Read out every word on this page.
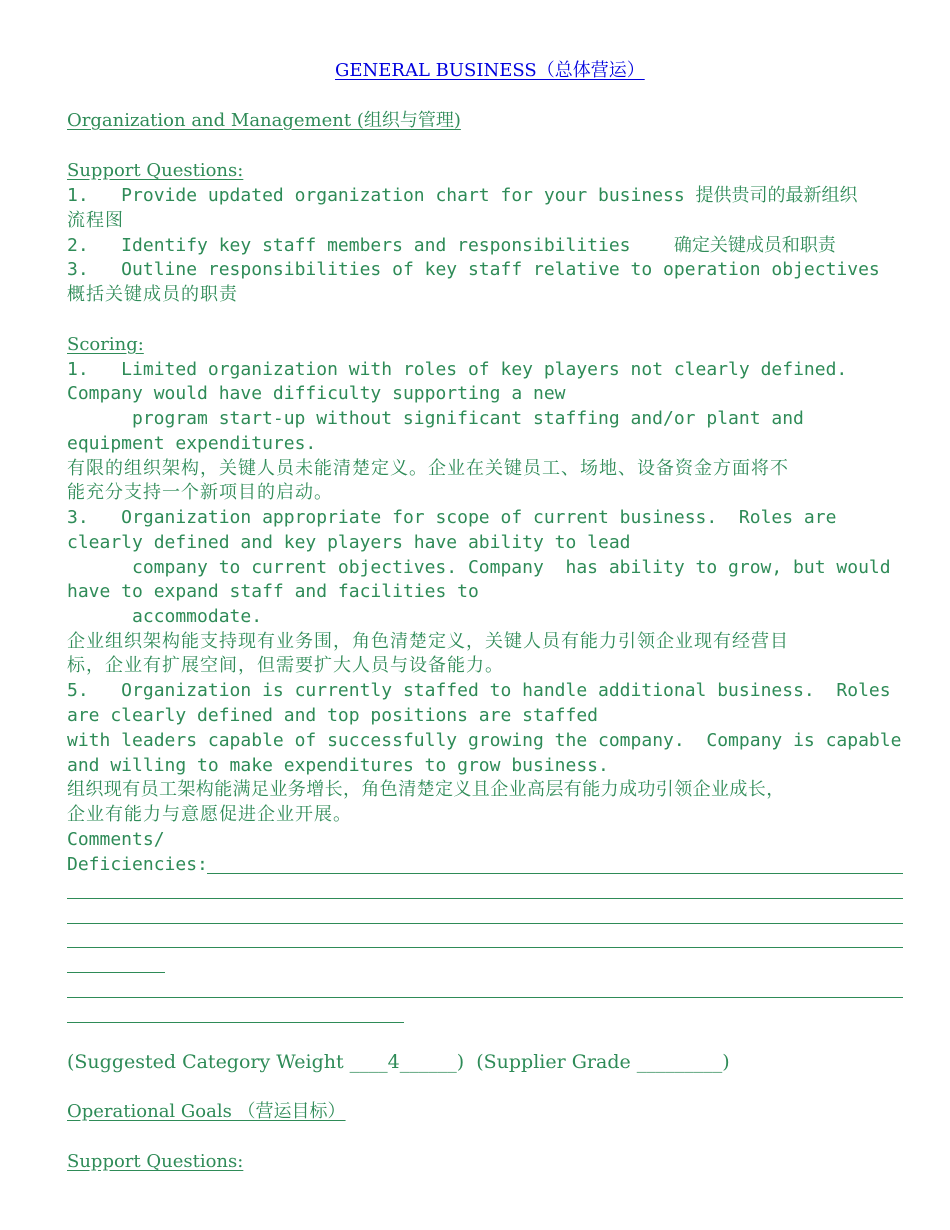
GENERAL BUSINESS（总体营运）
Organization and Management (组织与管理)
Support Questions:
1.   Provide updated organization chart for your business 提供贵司的最新组织
流程图
2.   Identify key staff members and responsibilities    确定关键成员和职责
3.   Outline responsibilities of key staff relative to operation objectives
概括关键成员的职责
Scoring:
1.   Limited organization with roles of key players not clearly defined.
Company would have difficulty supporting a new
program start-up without significant staffing and/or plant and
equipment expenditures.
有限的组织架构，关键人员未能清楚定义。企业在关键员工、场地、设备资金方面将不
能充分支持一个新项目的启动。
3.   Organization appropriate for scope of current business.  Roles are
clearly defined and key players have ability to lead
company to current objectives. Company  has ability to grow, but would
have to expand staff and facilities to
accommodate.
企业组织架构能支持现有业务围，角色清楚定义，关键人员有能力引领企业现有经营目
标，企业有扩展空间，但需要扩大人员与设备能力。
5.   Organization is currently staffed to handle additional business.  Roles
are clearly defined and top positions are staffed
with leaders capable of successfully growing the company.  Company is capable
and willing to make expenditures to grow business.
组织现有员工架构能满足业务增长，角色清楚定义且企业高层有能力成功引领企业成长，
企业有能力与意愿促进企业开展。
Comments/
Deficiencies:
(Suggested Category Weight ____4______)  (Supplier Grade _________)
Operational Goals （营运目标）
Support Questions:
